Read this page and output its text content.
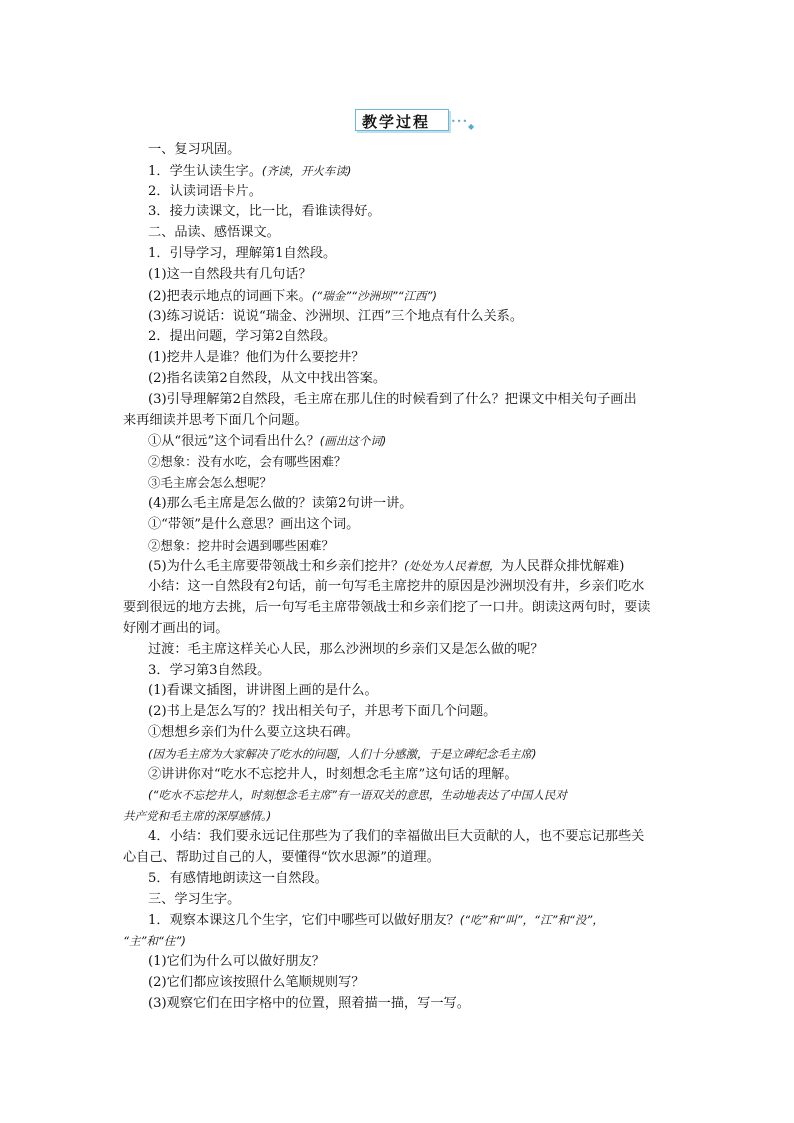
教学过程	•••
◆
一、复习巩固。
1．学生认读生字。(齐读，开火车读)
2．认读词语卡片。
3．接力读课文，比一比，看谁读得好。
二、品读、感悟课文。
1．引导学习，理解第1自然段。
(1)这一自然段共有几句话？
(2)把表示地点的词画下来。(“瑞金”“沙洲坝”“江西”)
(3)练习说话：说说“瑞金、沙洲坝、江西”三个地点有什么关系。
2．提出问题，学习第2自然段。
(1)挖井人是谁？他们为什么要挖井？
(2)指名读第2自然段，从文中找出答案。
(3)引导理解第2自然段，毛主席在那儿住的时候看到了什么？把课文中相关句子画出
来再细读并思考下面几个问题。
①从“很远”这个词看出什么？(画出这个词)
②想象：没有水吃，会有哪些困难？
③毛主席会怎么想呢？
(4)那么毛主席是怎么做的？读第2句讲一讲。
①“带领”是什么意思？画出这个词。
②想象：挖井时会遇到哪些困难？
(5)为什么毛主席要带领战士和乡亲们挖井？(处处为人民着想，为人民群众排忧解难)
小结：这一自然段有2句话，前一句写毛主席挖井的原因是沙洲坝没有井，乡亲们吃水
要到很远的地方去挑，后一句写毛主席带领战士和乡亲们挖了一口井。朗读这两句时，要读
好刚才画出的词。
过渡：毛主席这样关心人民，那么沙洲坝的乡亲们又是怎么做的呢？
3．学习第3自然段。
(1)看课文插图，讲讲图上画的是什么。
(2)书上是怎么写的？找出相关句子，并思考下面几个问题。
①想想乡亲们为什么要立这块石碑。
(因为毛主席为大家解决了吃水的问题，人们十分感激，于是立碑纪念毛主席)
②讲讲你对“吃水不忘挖井人，时刻想念毛主席”这句话的理解。
(“吃水不忘挖井人，时刻想念毛主席”有一语双关的意思，生动地表达了中国人民对
共产党和毛主席的深厚感情。)
4．小结：我们要永远记住那些为了我们的幸福做出巨大贡献的人，也不要忘记那些关
心自己、帮助过自己的人，要懂得“饮水思源”的道理。
5．有感情地朗读这一自然段。
三、学习生字。
1．观察本课这几个生字，它们中哪些可以做好朋友？(“吃”和“叫”，“江”和“没”，
“主”和“住”)
(1)它们为什么可以做好朋友？
(2)它们都应该按照什么笔顺规则写？
(3)观察它们在田字格中的位置，照着描一描，写一写。
